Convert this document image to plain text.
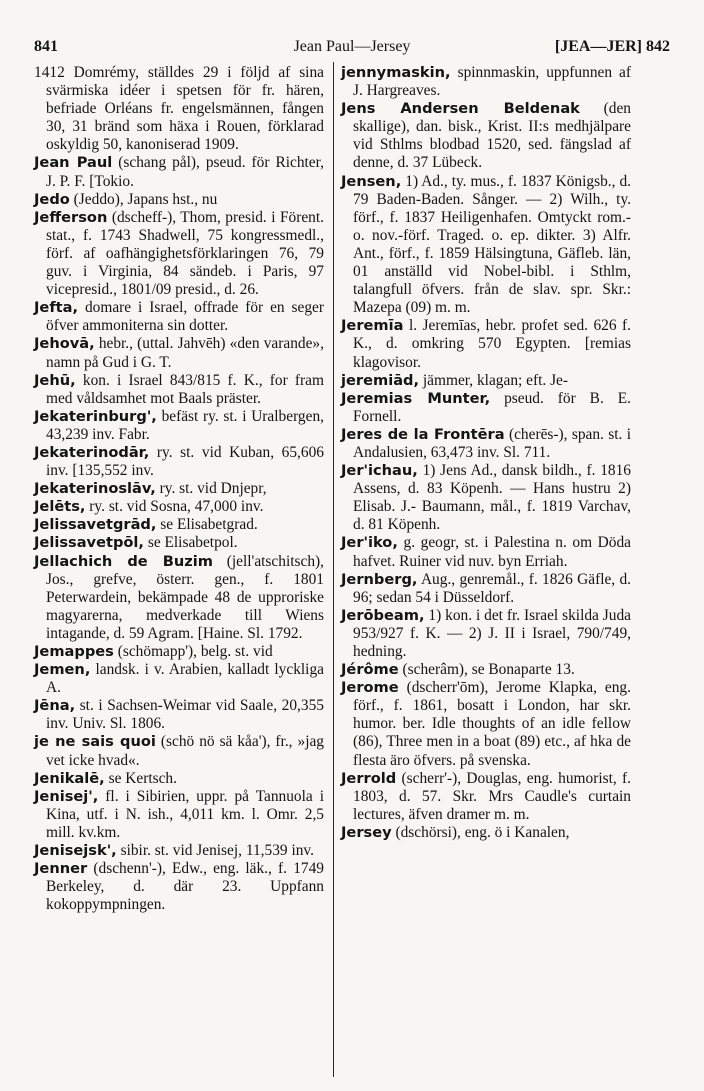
841	Jean Paul—Jersey	[JEA—JER] 842

1412 Domrémy, ställdes 29 i följd af sina svärmiska idéer i spetsen för fr. hären, befriade Orléans fr. engelsmännen, fången 30, 31 bränd som häxa i Rouen, förklarad oskyldig 50, kanoniserad 1909.

Jean Paul (schang pål), pseud. för Richter, J. P. F. [Tokio.

Jedo (Jeddo), Japans hst., nu

Jefferson (dscheff-), Thom, presid. i Förent. stat., f. 1743 Shadwell, 75 kongressmedl., förf. af oafhängighetsförklaringen 76, 79 guv. i Virginia, 84 sändeb. i Paris, 97 vicepresid., 1801/09 presid., d. 26.

Jefta, domare i Israel, offrade för en seger öfver ammoniterna sin dotter.

Jehovā, hebr., (uttal. Jahvēh) «den varande», namn på Gud i G. T.

Jehū, kon. i Israel 843/815 f. K., for fram med våldsamhet mot Baals präster.

Jekaterinburg', befäst ry. st. i Uralbergen, 43,239 inv. Fabr.

Jekaterinodār, ry. st. vid Kuban, 65,606 inv. [135,552 inv.

Jekaterinoslāv, ry. st. vid Dnjepr,

Jelēts, ry. st. vid Sosna, 47,000 inv.

Jelissavetgrād, se Elisabetgrad.

Jelissavetpōl, se Elisabetpol.

Jellachich de Buzim (jell'atschitsch), Jos., grefve, österr. gen., f. 1801 Peterwardein, bekämpade 48 de upproriske magyarerna, medverkade till Wiens intagande, d. 59 Agram. [Haine. Sl. 1792.

Jemappes (schömapp'), belg. st. vid

Jemen, landsk. i v. Arabien, kalladt lyckliga A.

Jēna, st. i Sachsen-Weimar vid Saale, 20,355 inv. Univ. Sl. 1806.

je ne sais quoi (schö nö sä kåa'), fr., »jag vet icke hvad«.

Jenikalē, se Kertsch.

Jenisej', fl. i Sibirien, uppr. på Tannuola i Kina, utf. i N. ish., 4,011 km. l. Omr. 2,5 mill. kv.km.

Jenisejsk', sibir. st. vid Jenisej, 11,539 inv.

Jenner (dschenn'-), Edw., eng. läk., f. 1749 Berkeley, d. där 23. Uppfann kokoppympningen.

jennymaskin, spinnmaskin, uppfunnen af J. Hargreaves.

Jens Andersen Beldenak (den skallige), dan. bisk., Krist. II:s medhjälpare vid Sthlms blodbad 1520, sed. fängslad af denne, d. 37 Lübeck.

Jensen, 1) Ad., ty. mus., f. 1837 Königsb., d. 79 Baden-Baden. Sånger. — 2) Wilh., ty. förf., f. 1837 Heiligenhafen. Omtyckt rom.- o. nov.-förf. Traged. o. ep. dikter. 3) Alfr. Ant., förf., f. 1859 Hälsingtuna, Gäfleb. län, 01 anställd vid Nobel-bibl. i Sthlm, talangfull öfvers. från de slav. spr. Skr.: Mazepa (09) m. m.

Jeremīa l. Jeremīas, hebr. profet sed. 626 f. K., d. omkring 570 Egypten. [remias klagovisor.

jeremiād, jämmer, klagan; eft. Je-

Jeremias Munter, pseud. för B. E. Fornell.

Jeres de la Frontēra (cherēs-), span. st. i Andalusien, 63,473 inv. Sl. 711.

Jer'ichau, 1) Jens Ad., dansk bildh., f. 1816 Assens, d. 83 Köpenh. — Hans hustru 2) Elisab. J.- Baumann, mål., f. 1819 Varchav, d. 81 Köpenh.

Jer'iko, g. geogr, st. i Palestina n. om Döda hafvet. Ruiner vid nuv. byn Erriah.

Jernberg, Aug., genremål., f. 1826 Gäfle, d. 96; sedan 54 i Düsseldorf.

Jerōbeam, 1) kon. i det fr. Israel skilda Juda 953/927 f. K. — 2) J. II i Israel, 790/749, hedning.

Jérôme (scherâm), se Bonaparte 13.

Jerome (dscherr'ōm), Jerome Klapka, eng. förf., f. 1861, bosatt i London, har skr. humor. ber. Idle thoughts of an idle fellow (86), Three men in a boat (89) etc., af hka de flesta äro öfvers. på svenska.

Jerrold (scherr'-), Douglas, eng. humorist, f. 1803, d. 57. Skr. Mrs Caudle's curtain lectures, äfven dramer m. m.

Jersey (dschörsi), eng. ö i Kanalen,
